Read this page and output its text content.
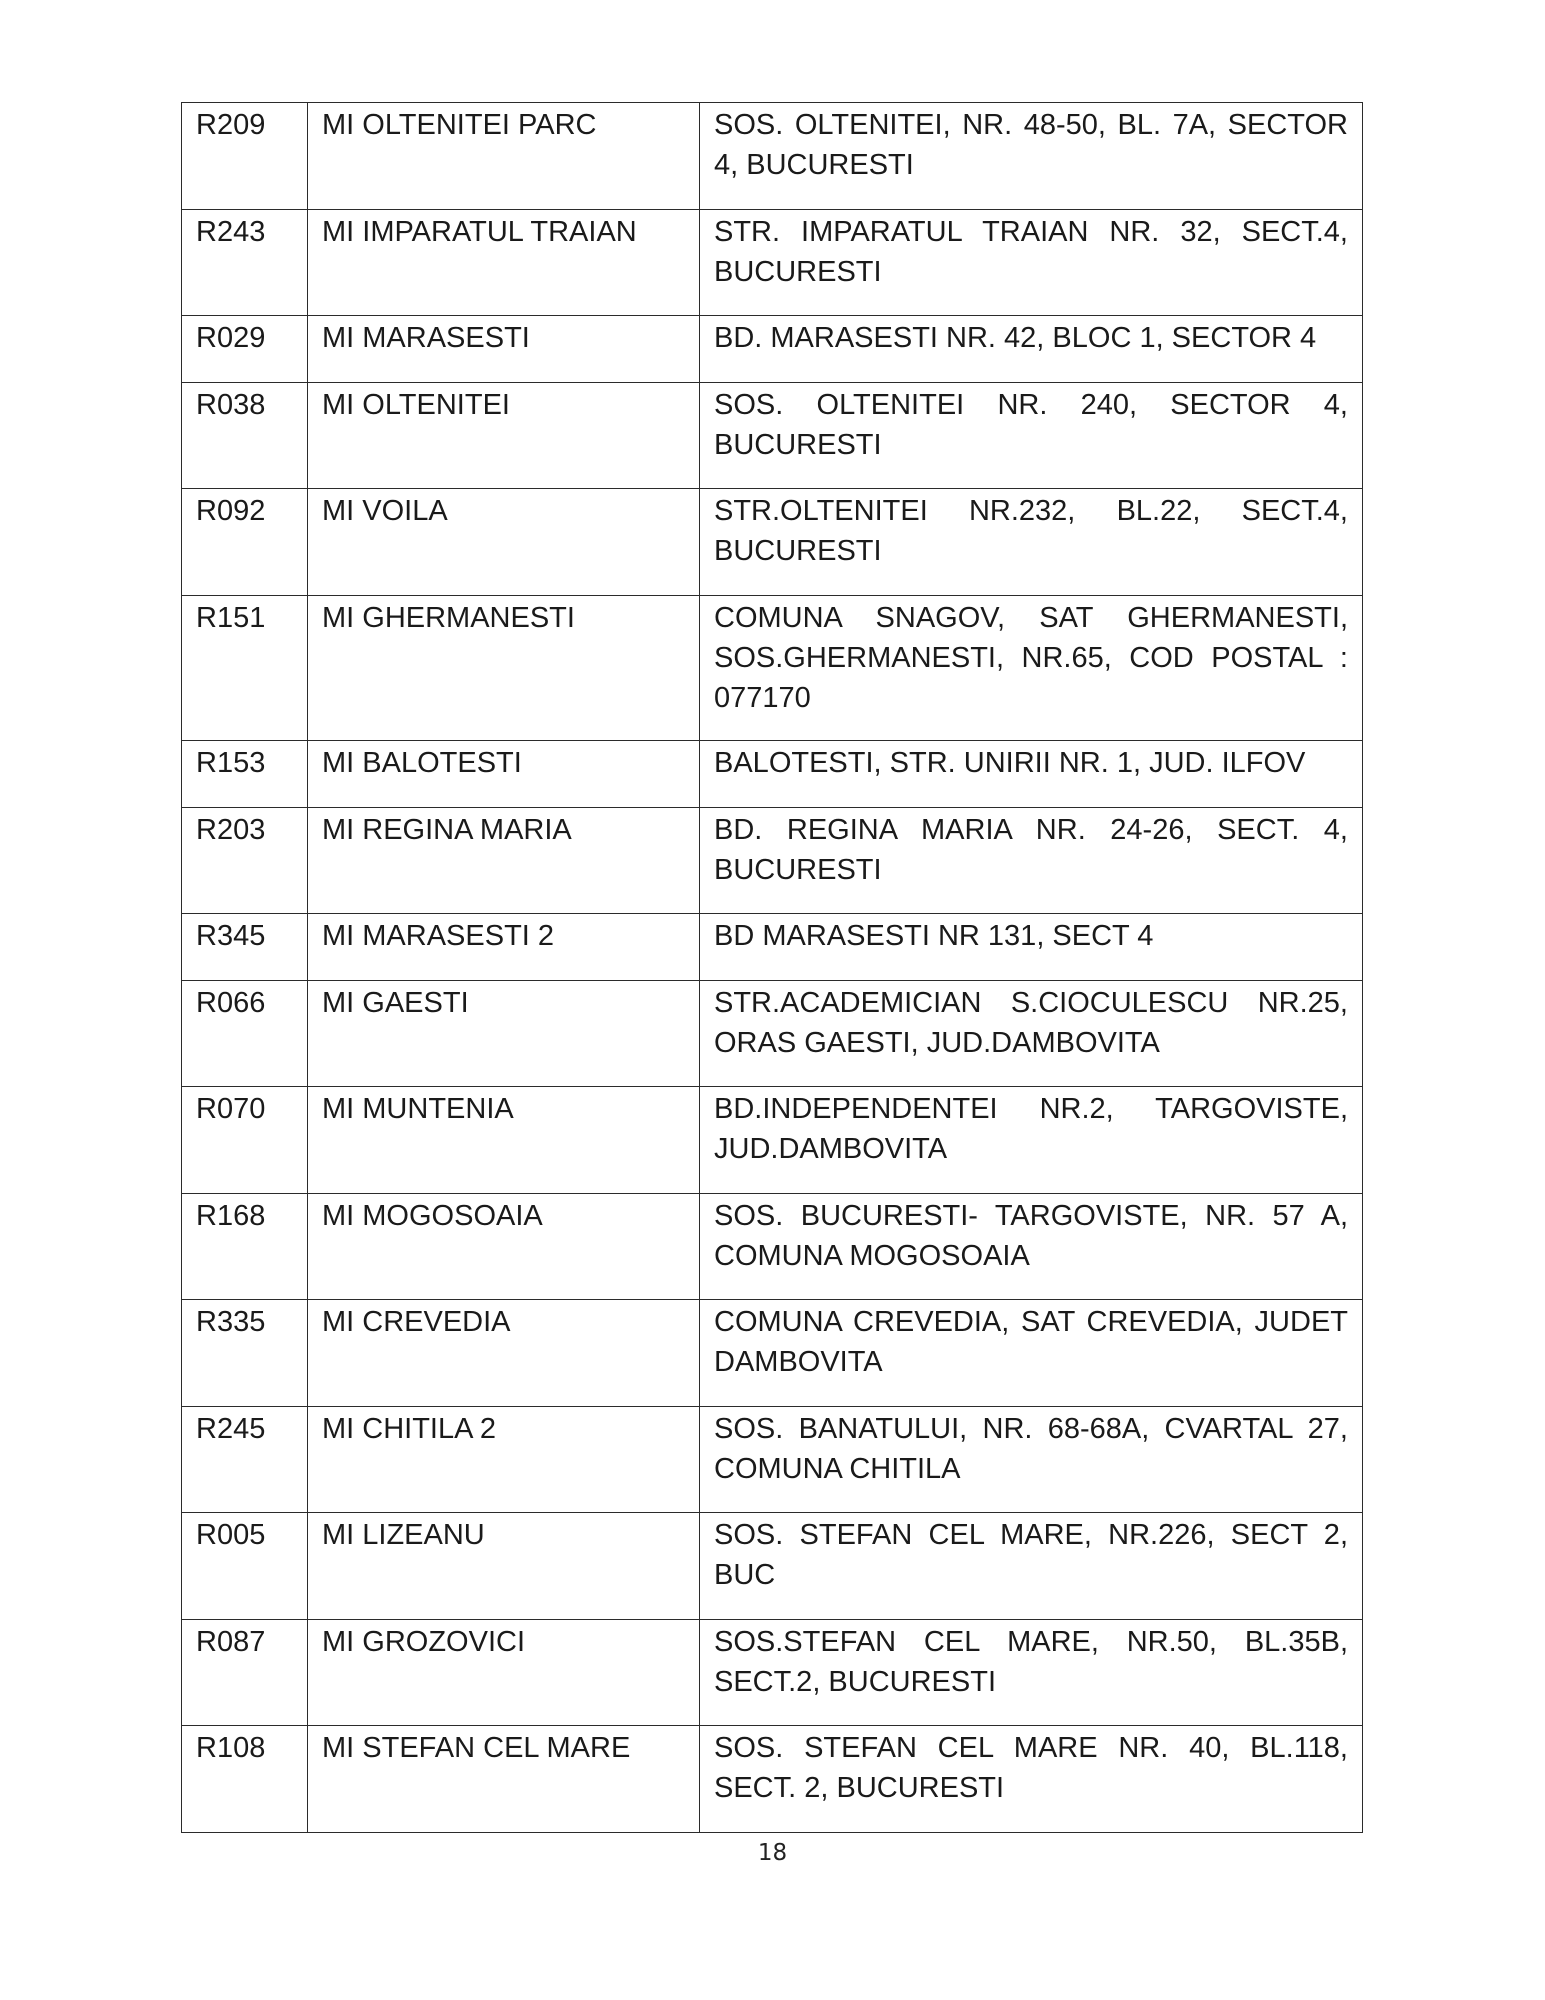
R209	MI OLTENITEI PARC	SOS. OLTENITEI, NR. 48-50, BL. 7A, SECTOR 4, BUCURESTI
R243	MI IMPARATUL TRAIAN	STR. IMPARATUL TRAIAN NR. 32, SECT.4, BUCURESTI
R029	MI MARASESTI	BD. MARASESTI NR. 42, BLOC 1, SECTOR 4
R038	MI OLTENITEI	SOS. OLTENITEI NR. 240, SECTOR 4, BUCURESTI
R092	MI VOILA	STR.OLTENITEI NR.232, BL.22, SECT.4, BUCURESTI
R151	MI GHERMANESTI	COMUNA SNAGOV, SAT GHERMANESTI, SOS.GHERMANESTI, NR.65, COD POSTAL : 077170
R153	MI BALOTESTI	BALOTESTI, STR. UNIRII NR. 1, JUD. ILFOV
R203	MI REGINA MARIA	BD. REGINA MARIA NR. 24-26, SECT. 4, BUCURESTI
R345	MI MARASESTI 2	BD MARASESTI NR 131, SECT 4
R066	MI GAESTI	STR.ACADEMICIAN S.CIOCULESCU NR.25, ORAS GAESTI, JUD.DAMBOVITA
R070	MI MUNTENIA	BD.INDEPENDENTEI NR.2, TARGOVISTE, JUD.DAMBOVITA
R168	MI MOGOSOAIA	SOS. BUCURESTI- TARGOVISTE, NR. 57 A, COMUNA MOGOSOAIA
R335	MI CREVEDIA	COMUNA CREVEDIA, SAT CREVEDIA, JUDET DAMBOVITA
R245	MI CHITILA 2	SOS. BANATULUI, NR. 68-68A, CVARTAL 27, COMUNA CHITILA
R005	MI LIZEANU	SOS. STEFAN CEL MARE, NR.226, SECT 2, BUC
R087	MI GROZOVICI	SOS.STEFAN CEL MARE, NR.50, BL.35B, SECT.2, BUCURESTI
R108	MI STEFAN CEL MARE	SOS. STEFAN CEL MARE NR. 40, BL.118, SECT. 2, BUCURESTI
18
